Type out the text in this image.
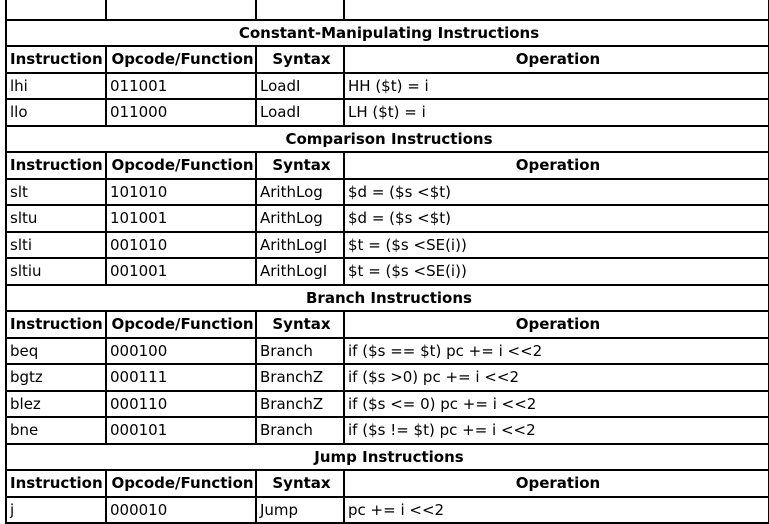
Constant-Manipulating Instructions			
Instruction	Opcode/Function	Syntax	Operation
lhi	011001	LoadI	HH ($t) = i
llo	011000	LoadI	LH ($t) = i
Comparison Instructions			
Instruction	Opcode/Function	Syntax	Operation
slt	101010	ArithLog	$d = ($s <$t)
sltu	101001	ArithLog	$d = ($s <$t)
slti	001010	ArithLogI	$t = ($s <SE(i))
sltiu	001001	ArithLogI	$t = ($s <SE(i))
Branch Instructions			
Instruction	Opcode/Function	Syntax	Operation
beq	000100	Branch	if ($s == $t) pc += i <<2
bgtz	000111	BranchZ	if ($s >0) pc += i <<2
blez	000110	BranchZ	if ($s <= 0) pc += i <<2
bne	000101	Branch	if ($s != $t) pc += i <<2
Jump Instructions			
Instruction	Opcode/Function	Syntax	Operation
j	000010	Jump	pc += i <<2
